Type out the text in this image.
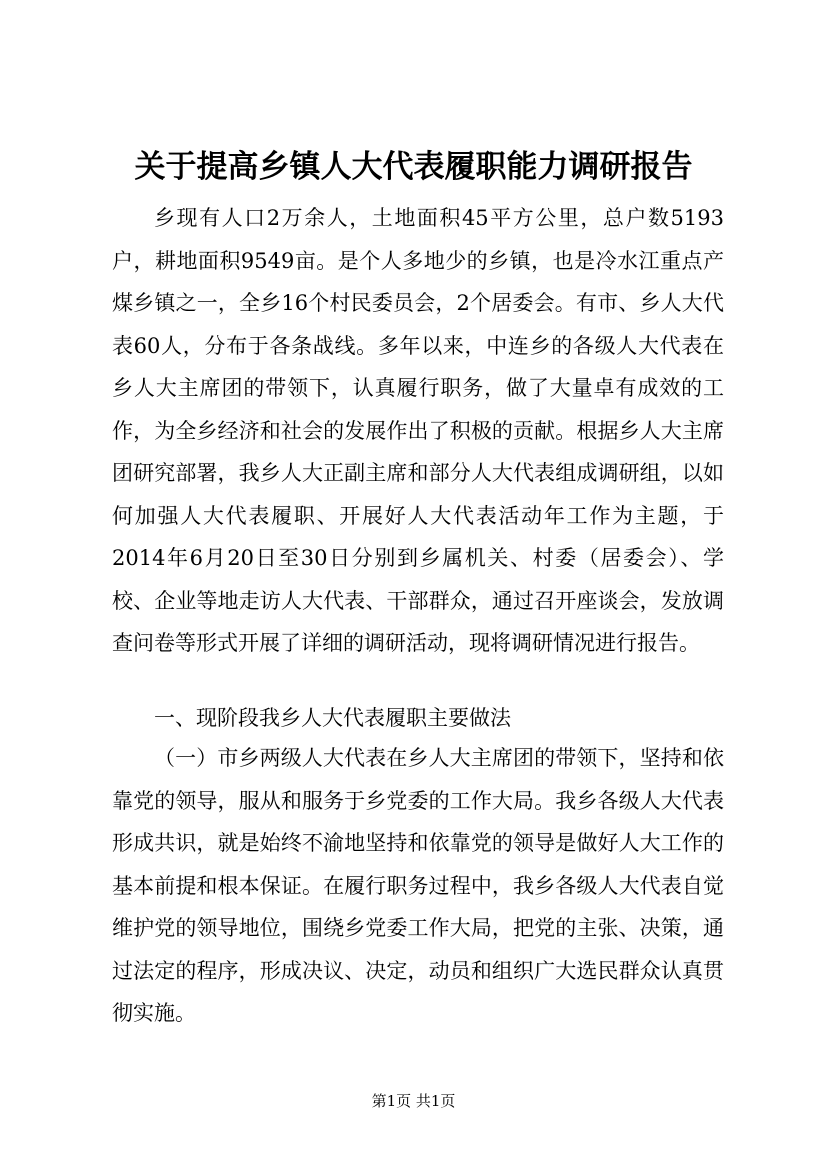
关于提高乡镇人大代表履职能力调研报告

乡现有人口2万余人，土地面积45平方公里，总户数5193户，耕地面积9549亩。是个人多地少的乡镇，也是冷水江重点产煤乡镇之一，全乡16个村民委员会，2个居委会。有市、乡人大代表60人，分布于各条战线。多年以来，中连乡的各级人大代表在乡人大主席团的带领下，认真履行职务，做了大量卓有成效的工作，为全乡经济和社会的发展作出了积极的贡献。根据乡人大主席团研究部署，我乡人大正副主席和部分人大代表组成调研组，以如何加强人大代表履职、开展好人大代表活动年工作为主题，于2014年6月20日至30日分别到乡属机关、村委（居委会）、学校、企业等地走访人大代表、干部群众，通过召开座谈会，发放调查问卷等形式开展了详细的调研活动，现将调研情况进行报告。

一、现阶段我乡人大代表履职主要做法

（一）市乡两级人大代表在乡人大主席团的带领下，坚持和依靠党的领导，服从和服务于乡党委的工作大局。我乡各级人大代表形成共识，就是始终不渝地坚持和依靠党的领导是做好人大工作的基本前提和根本保证。在履行职务过程中，我乡各级人大代表自觉维护党的领导地位，围绕乡党委工作大局，把党的主张、决策，通过法定的程序，形成决议、决定，动员和组织广大选民群众认真贯彻实施。

第1页 共1页
